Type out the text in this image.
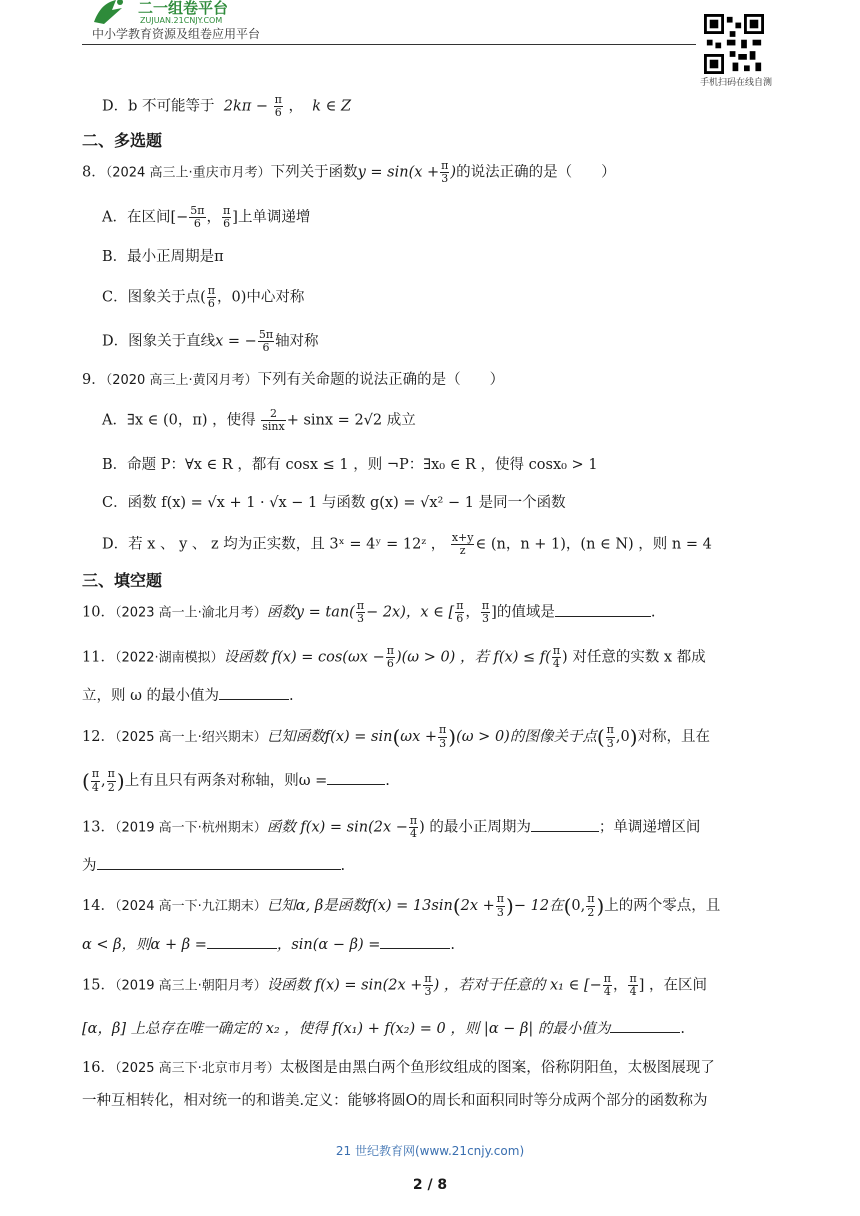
二一组卷平台
ZUJUAN.21CNJY.COM
中小学教育资源及组卷应用平台
手机扫码在线自测
D．b 不可能等于 $2k\pi - \frac{\pi}{6}$ ，  k ∈ Z
二、多选题
8．（2024 高三上·重庆市月考）下列关于函数$y = \sin(x + \frac{\pi}{3}$ )的说法正确的是（　　）
A．在区间[− $\frac{5\pi}{6}$ ， $\frac{\pi}{6}$ ]上单调递增
B．最小正周期是π
C．图象关于点( $\frac{\pi}{6}$ ，0)中心对称
D．图象关于直线x = − $\frac{5\pi}{6}$ 轴对称
9．（2020 高三上·黄冈月考）下列有关命题的说法正确的是（　　）
A．∃x ∈ (0，π) ，使得 $\frac{2}{\sin x} + \sin x = 2√2$ 成立
B．命题 P：∀x ∈ R ，都有 cosx ≤ 1 ，则 ¬P：∃x₀ ∈ R ，使得 cosx₀ > 1
C．函数 f(x) = √x + 1 · √x − 1 与函数 g(x) = √x² − 1 是同一个函数
D．若 x 、 y 、 z 均为正实数，且 3ˣ = 4ʸ = 12ᶻ ， $\frac{x+y}{z}$ ∈ (n，n + 1)，(n ∈ N) ，则 n = 4
三、填空题
10．（2023 高一上·渝北月考）函数$y = \tan( \frac{\pi}{3} - 2x)$，x ∈ [ $\frac{\pi}{6}$ ， $\frac{\pi}{3}$ ]的值域是	.
11．（2022·湖南模拟）设函数 $f(x) = \cos(\omega x - \frac{\pi}{6} )(\omega > 0)$ ，若 $f(x) \le f( \frac{\pi}{4}$ ) 对任意的实数 x 都成
立，则 ω 的最小值为	.
12．（2025 高一上·绍兴期末）已知函数$f(x) = \sin(\omega x + \frac{\pi}{3} )(\omega > 0)$的图像关于点( $\frac{\pi}{3} ,0$)对称，且在
( $\frac{\pi}{4}$ , $\frac{\pi}{2}$ )上有且只有两条对称轴，则ω =	.
13．（2019 高一下·杭州期末）函数 $f(x) = \sin(2x - \frac{\pi}{4}$ ) 的最小正周期为	；单调递增区间
为	.
14．（2024 高一下·九江期末）已知α, β是函数$f(x) = 13\sin(2x + \frac{\pi}{3}$ )− 12在(0, $\frac{\pi}{2}$ )上的两个零点，且
α < β，则α + β =	，sin(α − β) =	.
15．（2019 高三上·朝阳月考）设函数 $f(x) = \sin(2x + \frac{\pi}{3}$ ) ，若对于任意的 x₁ ∈ [− $\frac{\pi}{4}$ ， $\frac{\pi}{4}$ ] ，在区间
[α，β] 上总存在唯一确定的 x₂ ，使得 f(x₁) + f(x₂) = 0 ，则 |α − β| 的最小值为	.
16．（2025 高三下·北京市月考）太极图是由黑白两个鱼形纹组成的图案，俗称阴阳鱼，太极图展现了
一种互相转化，相对统一的和谐美.定义：能够将圆O的周长和面积同时等分成两个部分的函数称为
21 世纪教育网(www.21cnjy.com)
2 / 8
